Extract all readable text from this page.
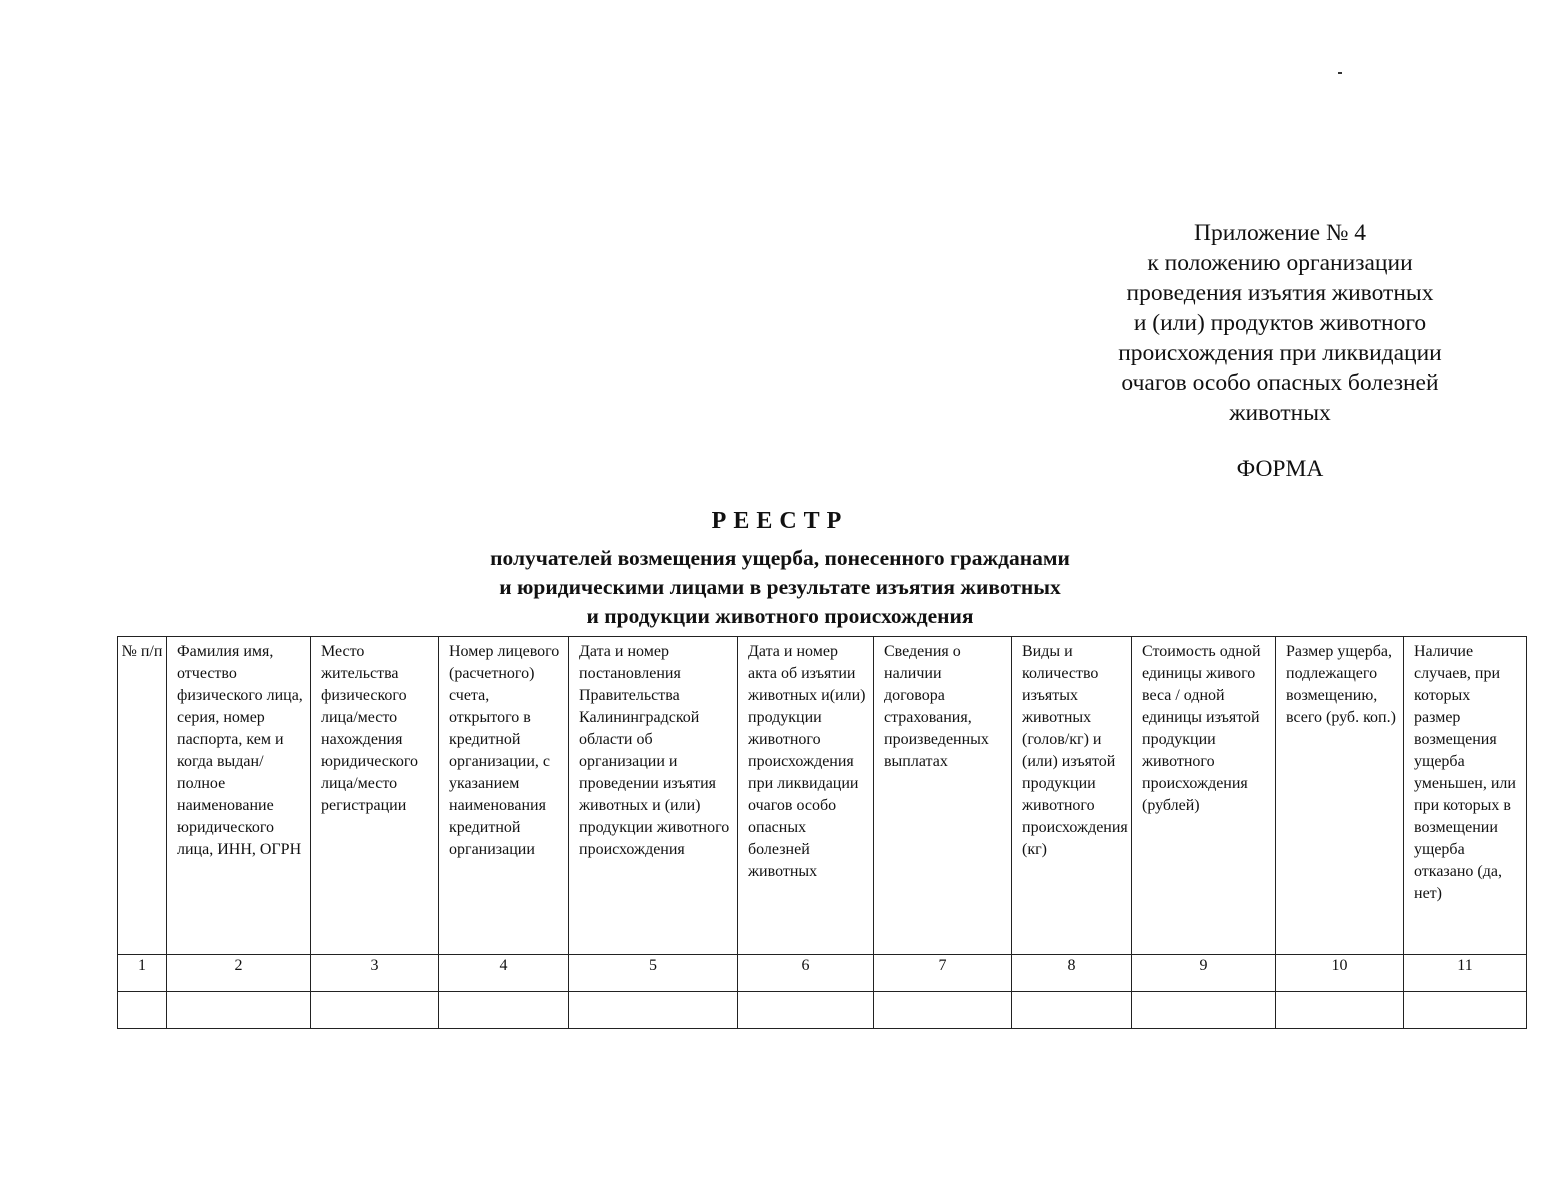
Приложение № 4
к положению организации
проведения изъятия животных
и (или) продуктов животного
происхождения при ликвидации
очагов особо опасных болезней
животных
ФОРМА
РЕЕСТР
получателей возмещения ущерба, понесенного гражданами
и юридическими лицами в результате изъятия животных
и продукции животного происхождения
№ п/п	Фамилия имя, отчество физического лица, серия, номер паспорта, кем и когда выдан/полное наименование юридического лица, ИНН, ОГРН	Место жительства физического лица/место нахождения юридического лица/место регистрации	Номер лицевого (расчетного) счета, открытого в кредитной организации, с указанием наименования кредитной организации	Дата и номер постановления Правительства Калининградской области об организации и проведении изъятия животных и (или) продукции животного происхождения	Дата и номер акта об изъятии животных и(или) продукции животного происхождения при ликвидации очагов особо опасных болезней животных	Сведения о наличии договора страхования, произведенных выплатах	Виды и количество изъятых животных (голов/кг) и (или) изъятой продукции животного происхождения (кг)	Стоимость одной единицы живого веса / одной единицы изъятой продукции животного происхождения (рублей)	Размер ущерба, подлежащего возмещению, всего (руб. коп.)	Наличие случаев, при которых размер возмещения ущерба уменьшен, или при которых в возмещении ущерба отказано (да, нет)
1	2	3	4	5	6	7	8	9	10	11
